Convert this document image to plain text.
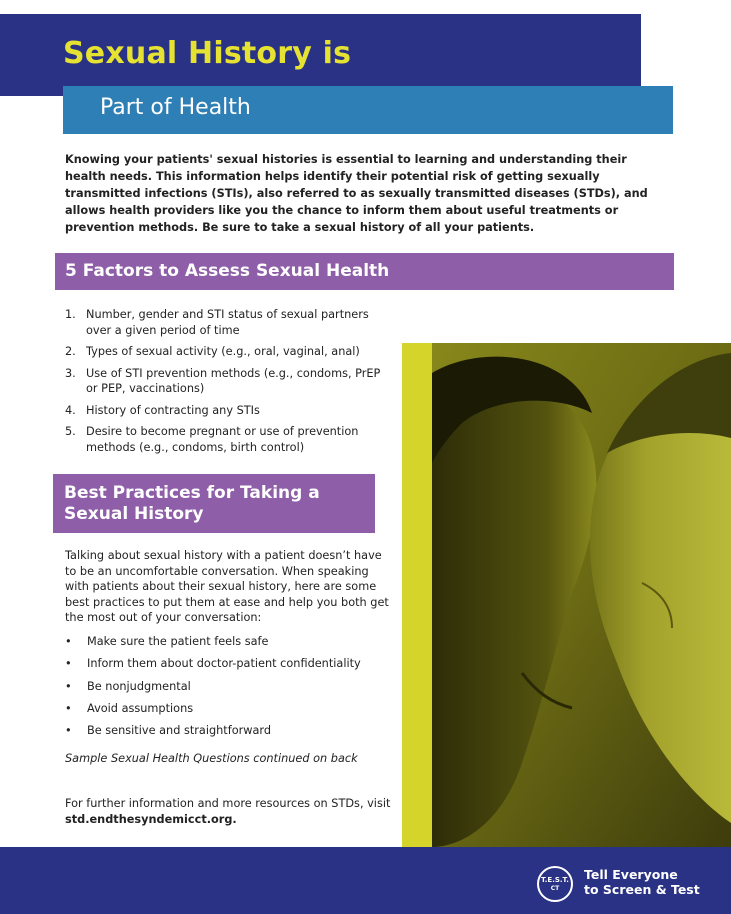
Sexual History is
Part of Health

Knowing your patients' sexual histories is essential to learning and understanding their health needs. This information helps identify their potential risk of getting sexually transmitted infections (STIs), also referred to as sexually transmitted diseases (STDs), and allows health providers like you the chance to inform them about useful treatments or prevention methods. Be sure to take a sexual history of all your patients.

5 Factors to Assess Sexual Health
1. Number, gender and STI status of sexual partners over a given period of time
2. Types of sexual activity (e.g., oral, vaginal, anal)
3. Use of STI prevention methods (e.g., condoms, PrEP or PEP, vaccinations)
4. History of contracting any STIs
5. Desire to become pregnant or use of prevention methods (e.g., condoms, birth control)
Best Practices for Taking a Sexual History

Talking about sexual history with a patient doesn’t have to be an uncomfortable conversation. When speaking with patients about their sexual history, here are some best practices to put them at ease and help you both get the most out of your conversation:

• Make sure the patient feels safe
• Inform them about doctor-patient confidentiality
• Be nonjudgmental
• Avoid assumptions
• Be sensitive and straightforward

Sample Sexual Health Questions continued on back

For further information and more resources on STDs, visit std.endthesyndemicct.org.

T.E.S.T.
CT
Tell Everyone
to Screen & Test
